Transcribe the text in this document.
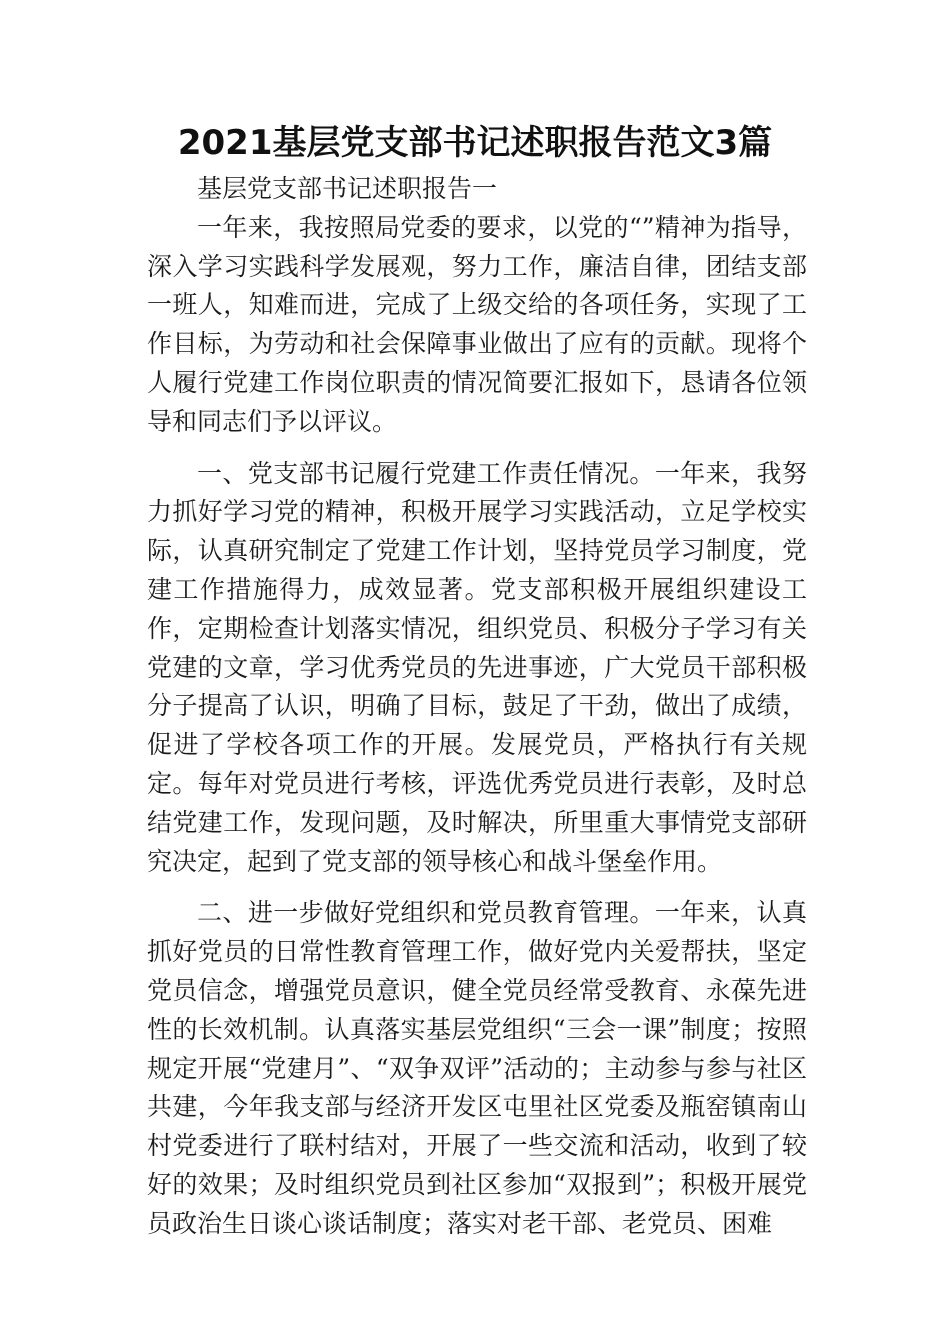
2021基层党支部书记述职报告范文3篇

基层党支部书记述职报告一

一年来，我按照局党委的要求，以党的“”精神为指导，深入学习实践科学发展观，努力工作，廉洁自律，团结支部一班人，知难而进，完成了上级交给的各项任务，实现了工作目标，为劳动和社会保障事业做出了应有的贡献。现将个人履行党建工作岗位职责的情况简要汇报如下，恳请各位领导和同志们予以评议。

一、党支部书记履行党建工作责任情况。一年来，我努力抓好学习党的精神，积极开展学习实践活动，立足学校实际，认真研究制定了党建工作计划，坚持党员学习制度，党建工作措施得力，成效显著。党支部积极开展组织建设工作，定期检查计划落实情况，组织党员、积极分子学习有关党建的文章，学习优秀党员的先进事迹，广大党员干部积极分子提高了认识，明确了目标，鼓足了干劲，做出了成绩，促进了学校各项工作的开展。发展党员，严格执行有关规定。每年对党员进行考核，评选优秀党员进行表彰，及时总结党建工作，发现问题，及时解决，所里重大事情党支部研究决定，起到了党支部的领导核心和战斗堡垒作用。

二、进一步做好党组织和党员教育管理。一年来，认真抓好党员的日常性教育管理工作，做好党内关爱帮扶，坚定党员信念，增强党员意识，健全党员经常受教育、永葆先进性的长效机制。认真落实基层党组织“三会一课”制度；按照规定开展“党建月”、“双争双评”活动的；主动参与参与社区共建，今年我支部与经济开发区屯里社区党委及瓶窑镇南山村党委进行了联村结对，开展了一些交流和活动，收到了较好的效果；及时组织党员到社区参加“双报到”；积极开展党员政治生日谈心谈话制度；落实对老干部、老党员、困难
